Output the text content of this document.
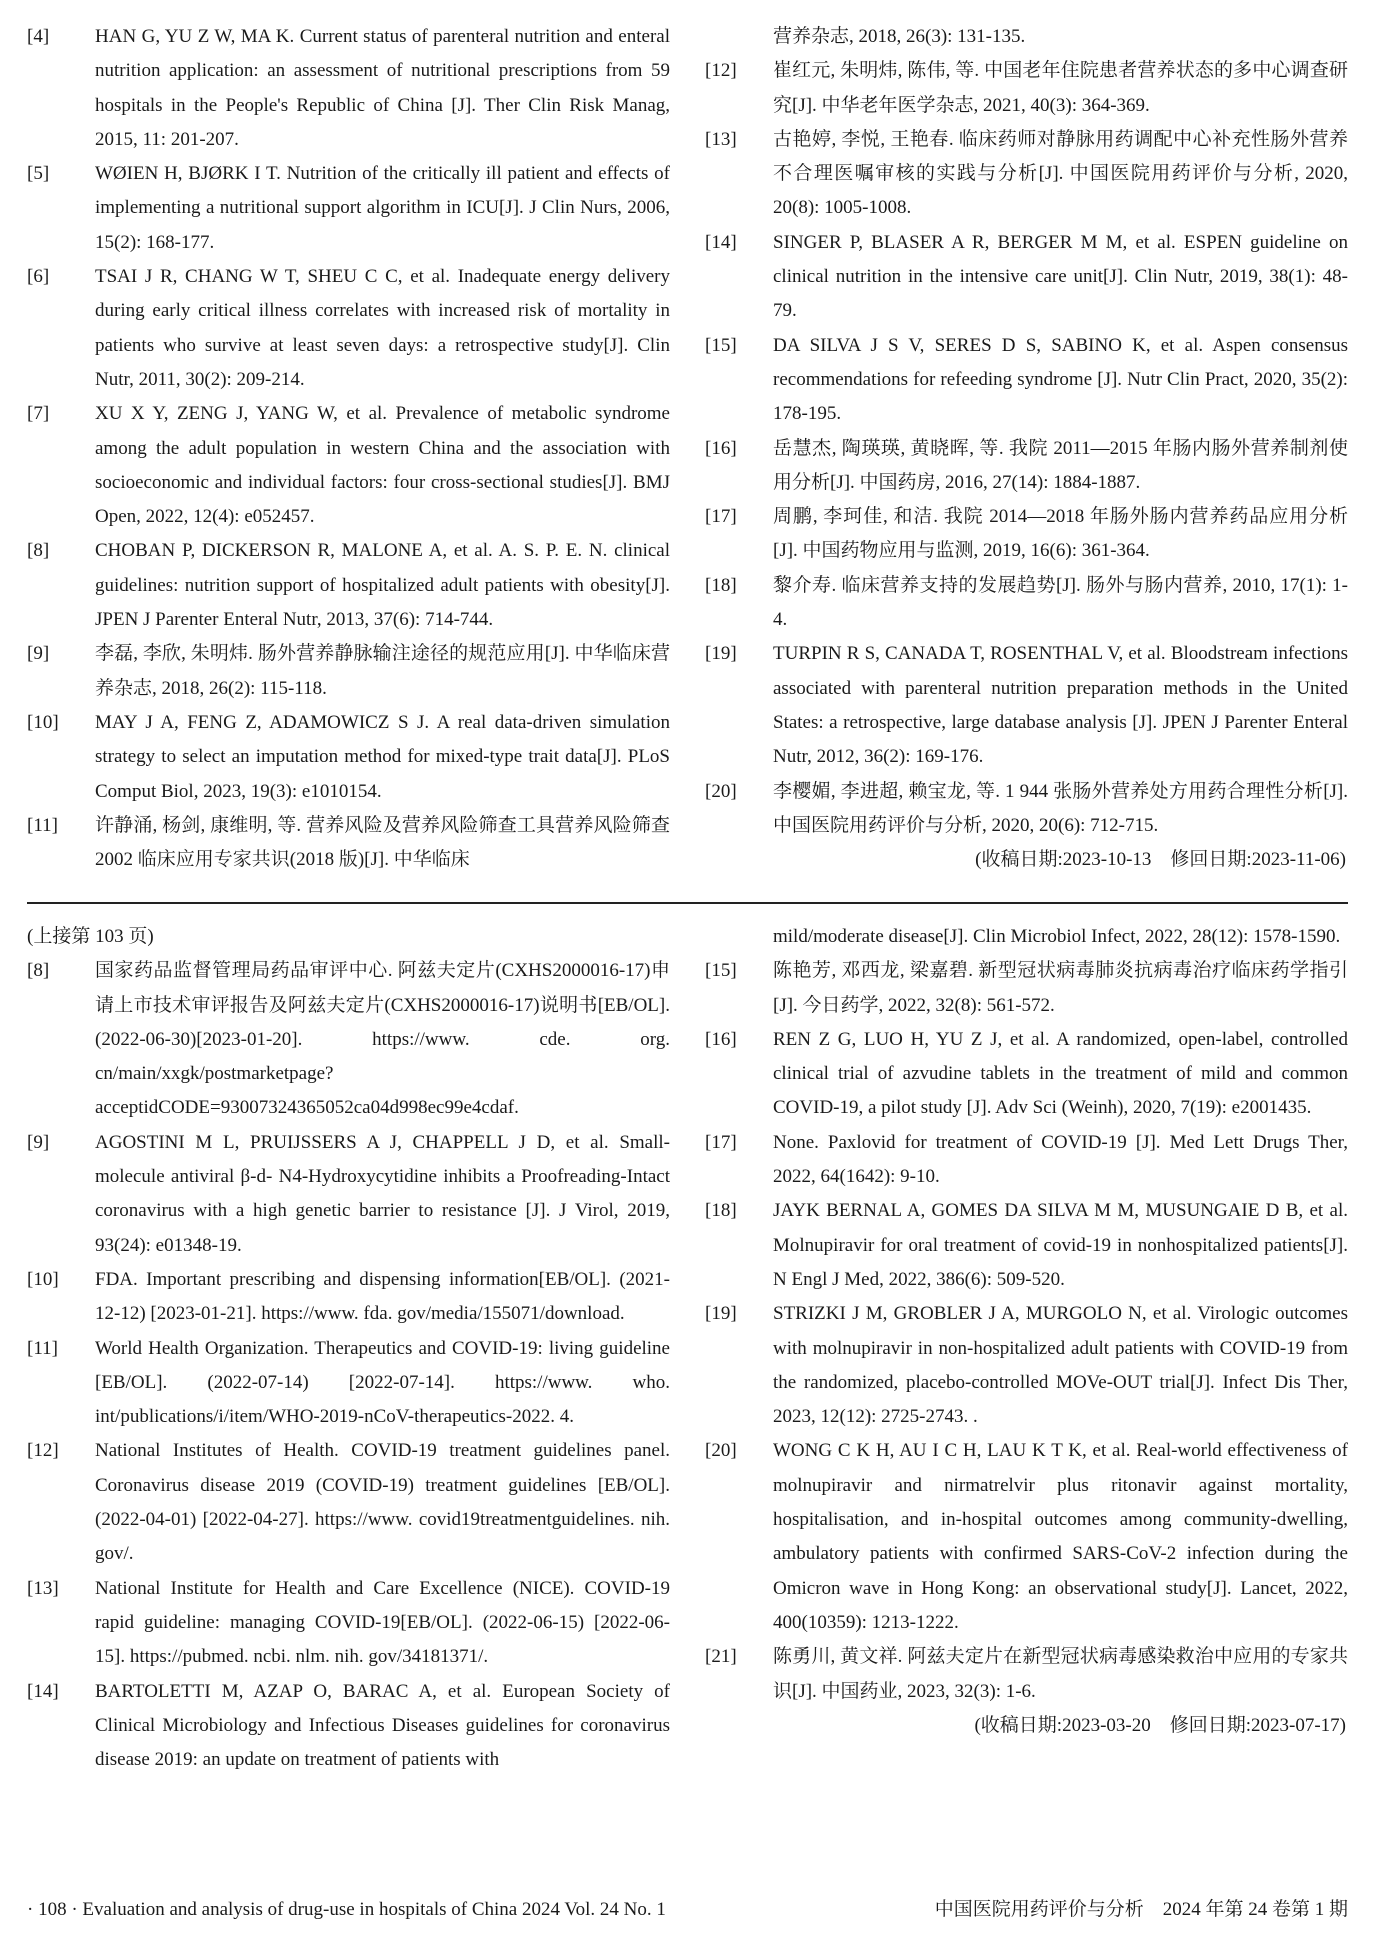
[4] HAN G, YU Z W, MA K. Current status of parenteral nutrition and enteral nutrition application: an assessment of nutritional prescriptions from 59 hospitals in the People's Republic of China [J]. Ther Clin Risk Manag, 2015, 11: 201-207.
[5] WØIEN H, BJØRK I T. Nutrition of the critically ill patient and effects of implementing a nutritional support algorithm in ICU[J]. J Clin Nurs, 2006, 15(2): 168-177.
[6] TSAI J R, CHANG W T, SHEU C C, et al. Inadequate energy delivery during early critical illness correlates with increased risk of mortality in patients who survive at least seven days: a retrospective study[J]. Clin Nutr, 2011, 30(2): 209-214.
[7] XU X Y, ZENG J, YANG W, et al. Prevalence of metabolic syndrome among the adult population in western China and the association with socioeconomic and individual factors: four cross-sectional studies[J]. BMJ Open, 2022, 12(4): e052457.
[8] CHOBAN P, DICKERSON R, MALONE A, et al. A. S. P. E. N. clinical guidelines: nutrition support of hospitalized adult patients with obesity[J]. JPEN J Parenter Enteral Nutr, 2013, 37(6): 714-744.
[9] 李磊, 李欣, 朱明炜. 肠外营养静脉输注途径的规范应用[J]. 中华临床营养杂志, 2018, 26(2): 115-118.
[10] MAY J A, FENG Z, ADAMOWICZ S J. A real data-driven simulation strategy to select an imputation method for mixed-type trait data[J]. PLoS Comput Biol, 2023, 19(3): e1010154.
[11] 许静涌, 杨剑, 康维明, 等. 营养风险及营养风险筛查工具营养风险筛查 2002 临床应用专家共识(2018 版)[J]. 中华临床
营养杂志, 2018, 26(3): 131-135.
[12] 崔红元, 朱明炜, 陈伟, 等. 中国老年住院患者营养状态的多中心调查研究[J]. 中华老年医学杂志, 2021, 40(3): 364-369.
[13] 古艳婷, 李悦, 王艳春. 临床药师对静脉用药调配中心补充性肠外营养不合理医嘱审核的实践与分析[J]. 中国医院用药评价与分析, 2020, 20(8): 1005-1008.
[14] SINGER P, BLASER A R, BERGER M M, et al. ESPEN guideline on clinical nutrition in the intensive care unit[J]. Clin Nutr, 2019, 38(1): 48-79.
[15] DA SILVA J S V, SERES D S, SABINO K, et al. Aspen consensus recommendations for refeeding syndrome [J]. Nutr Clin Pract, 2020, 35(2): 178-195.
[16] 岳慧杰, 陶瑛瑛, 黄晓晖, 等. 我院 2011—2015 年肠内肠外营养制剂使用分析[J]. 中国药房, 2016, 27(14): 1884-1887.
[17] 周鹏, 李珂佳, 和洁. 我院 2014—2018 年肠外肠内营养药品应用分析[J]. 中国药物应用与监测, 2019, 16(6): 361-364.
[18] 黎介寿. 临床营养支持的发展趋势[J]. 肠外与肠内营养, 2010, 17(1): 1-4.
[19] TURPIN R S, CANADA T, ROSENTHAL V, et al. Bloodstream infections associated with parenteral nutrition preparation methods in the United States: a retrospective, large database analysis [J]. JPEN J Parenter Enteral Nutr, 2012, 36(2): 169-176.
[20] 李樱媚, 李进超, 赖宝龙, 等. 1 944 张肠外营养处方用药合理性分析[J]. 中国医院用药评价与分析, 2020, 20(6): 712-715.
(收稿日期:2023-10-13　修回日期:2023-11-06)
(上接第 103 页)
[8] 国家药品监督管理局药品审评中心. 阿兹夫定片(CXHS2000016-17)申请上市技术审评报告及阿兹夫定片(CXHS2000016-17)说明书[EB/OL]. (2022-06-30)[2023-01-20]. https://www. cde. org. cn/main/xxgk/postmarketpage?acceptidCODE=93007324365052ca04d998ec99e4cdaf.
[9] AGOSTINI M L, PRUIJSSERS A J, CHAPPELL J D, et al. Small-molecule antiviral β-d- N4-Hydroxycytidine inhibits a Proofreading-Intact coronavirus with a high genetic barrier to resistance [J]. J Virol, 2019, 93(24): e01348-19.
[10] FDA. Important prescribing and dispensing information[EB/OL]. (2021-12-12) [2023-01-21]. https://www. fda. gov/media/155071/download.
[11] World Health Organization. Therapeutics and COVID-19: living guideline [EB/OL]. (2022-07-14) [2022-07-14]. https://www. who. int/publications/i/item/WHO-2019-nCoV-therapeutics-2022. 4.
[12] National Institutes of Health. COVID-19 treatment guidelines panel. Coronavirus disease 2019 (COVID-19) treatment guidelines [EB/OL]. (2022-04-01) [2022-04-27]. https://www. covid19treatmentguidelines. nih. gov/.
[13] National Institute for Health and Care Excellence (NICE). COVID-19 rapid guideline: managing COVID-19[EB/OL]. (2022-06-15) [2022-06-15]. https://pubmed. ncbi. nlm. nih. gov/34181371/.
[14] BARTOLETTI M, AZAP O, BARAC A, et al. European Society of Clinical Microbiology and Infectious Diseases guidelines for coronavirus disease 2019: an update on treatment of patients with
mild/moderate disease[J]. Clin Microbiol Infect, 2022, 28(12): 1578-1590.
[15] 陈艳芳, 邓西龙, 梁嘉碧. 新型冠状病毒肺炎抗病毒治疗临床药学指引[J]. 今日药学, 2022, 32(8): 561-572.
[16] REN Z G, LUO H, YU Z J, et al. A randomized, open-label, controlled clinical trial of azvudine tablets in the treatment of mild and common COVID-19, a pilot study [J]. Adv Sci (Weinh), 2020, 7(19): e2001435.
[17] None. Paxlovid for treatment of COVID-19 [J]. Med Lett Drugs Ther, 2022, 64(1642): 9-10.
[18] JAYK BERNAL A, GOMES DA SILVA M M, MUSUNGAIE D B, et al. Molnupiravir for oral treatment of covid-19 in nonhospitalized patients[J]. N Engl J Med, 2022, 386(6): 509-520.
[19] STRIZKI J M, GROBLER J A, MURGOLO N, et al. Virologic outcomes with molnupiravir in non-hospitalized adult patients with COVID-19 from the randomized, placebo-controlled MOVe-OUT trial[J]. Infect Dis Ther, 2023, 12(12): 2725-2743. .
[20] WONG C K H, AU I C H, LAU K T K, et al. Real-world effectiveness of molnupiravir and nirmatrelvir plus ritonavir against mortality, hospitalisation, and in-hospital outcomes among community-dwelling, ambulatory patients with confirmed SARS-CoV-2 infection during the Omicron wave in Hong Kong: an observational study[J]. Lancet, 2022, 400(10359): 1213-1222.
[21] 陈勇川, 黄文祥. 阿兹夫定片在新型冠状病毒感染救治中应用的专家共识[J]. 中国药业, 2023, 32(3): 1-6.
(收稿日期:2023-03-20　修回日期:2023-07-17)
· 108 · Evaluation and analysis of drug-use in hospitals of China 2024 Vol. 24 No. 1	中国医院用药评价与分析　2024 年第 24 卷第 1 期
